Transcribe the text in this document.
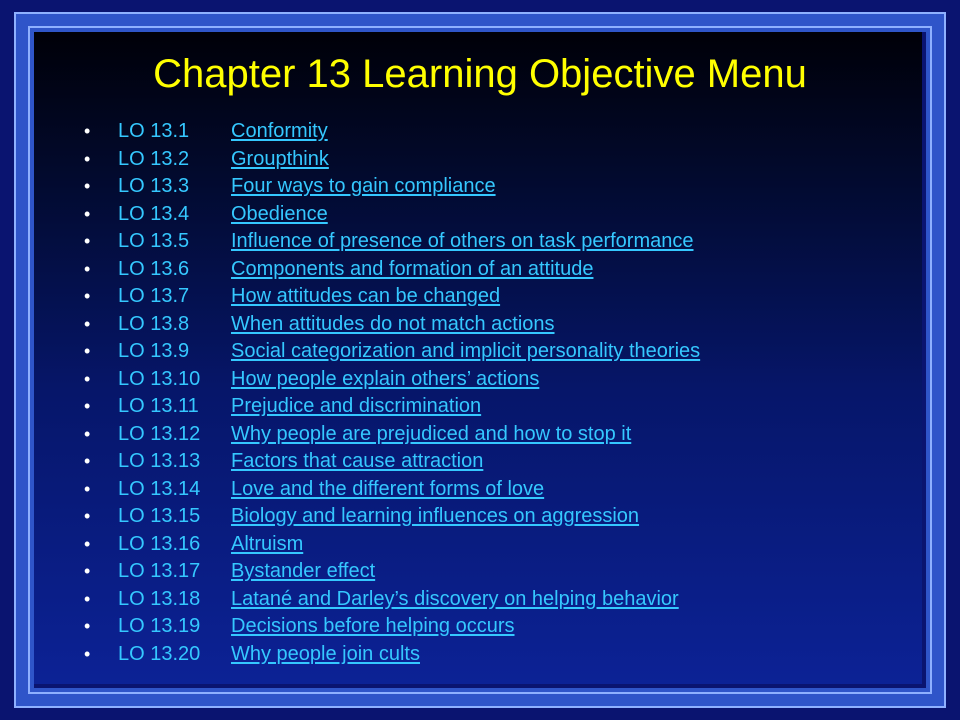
Chapter 13 Learning Objective Menu
• LO 13.1 Conformity
• LO 13.2 Groupthink
• LO 13.3 Four ways to gain compliance
• LO 13.4 Obedience
• LO 13.5 Influence of presence of others on task performance
• LO 13.6 Components and formation of an attitude
• LO 13.7 How attitudes can be changed
• LO 13.8 When attitudes do not match actions
• LO 13.9 Social categorization and implicit personality theories
• LO 13.10 How people explain others’ actions
• LO 13.11 Prejudice and discrimination
• LO 13.12 Why people are prejudiced and how to stop it
• LO 13.13 Factors that cause attraction
• LO 13.14 Love and the different forms of love
• LO 13.15 Biology and learning influences on aggression
• LO 13.16 Altruism
• LO 13.17 Bystander effect
• LO 13.18 Latané and Darley’s discovery on helping behavior
• LO 13.19 Decisions before helping occurs
• LO 13.20 Why people join cults
